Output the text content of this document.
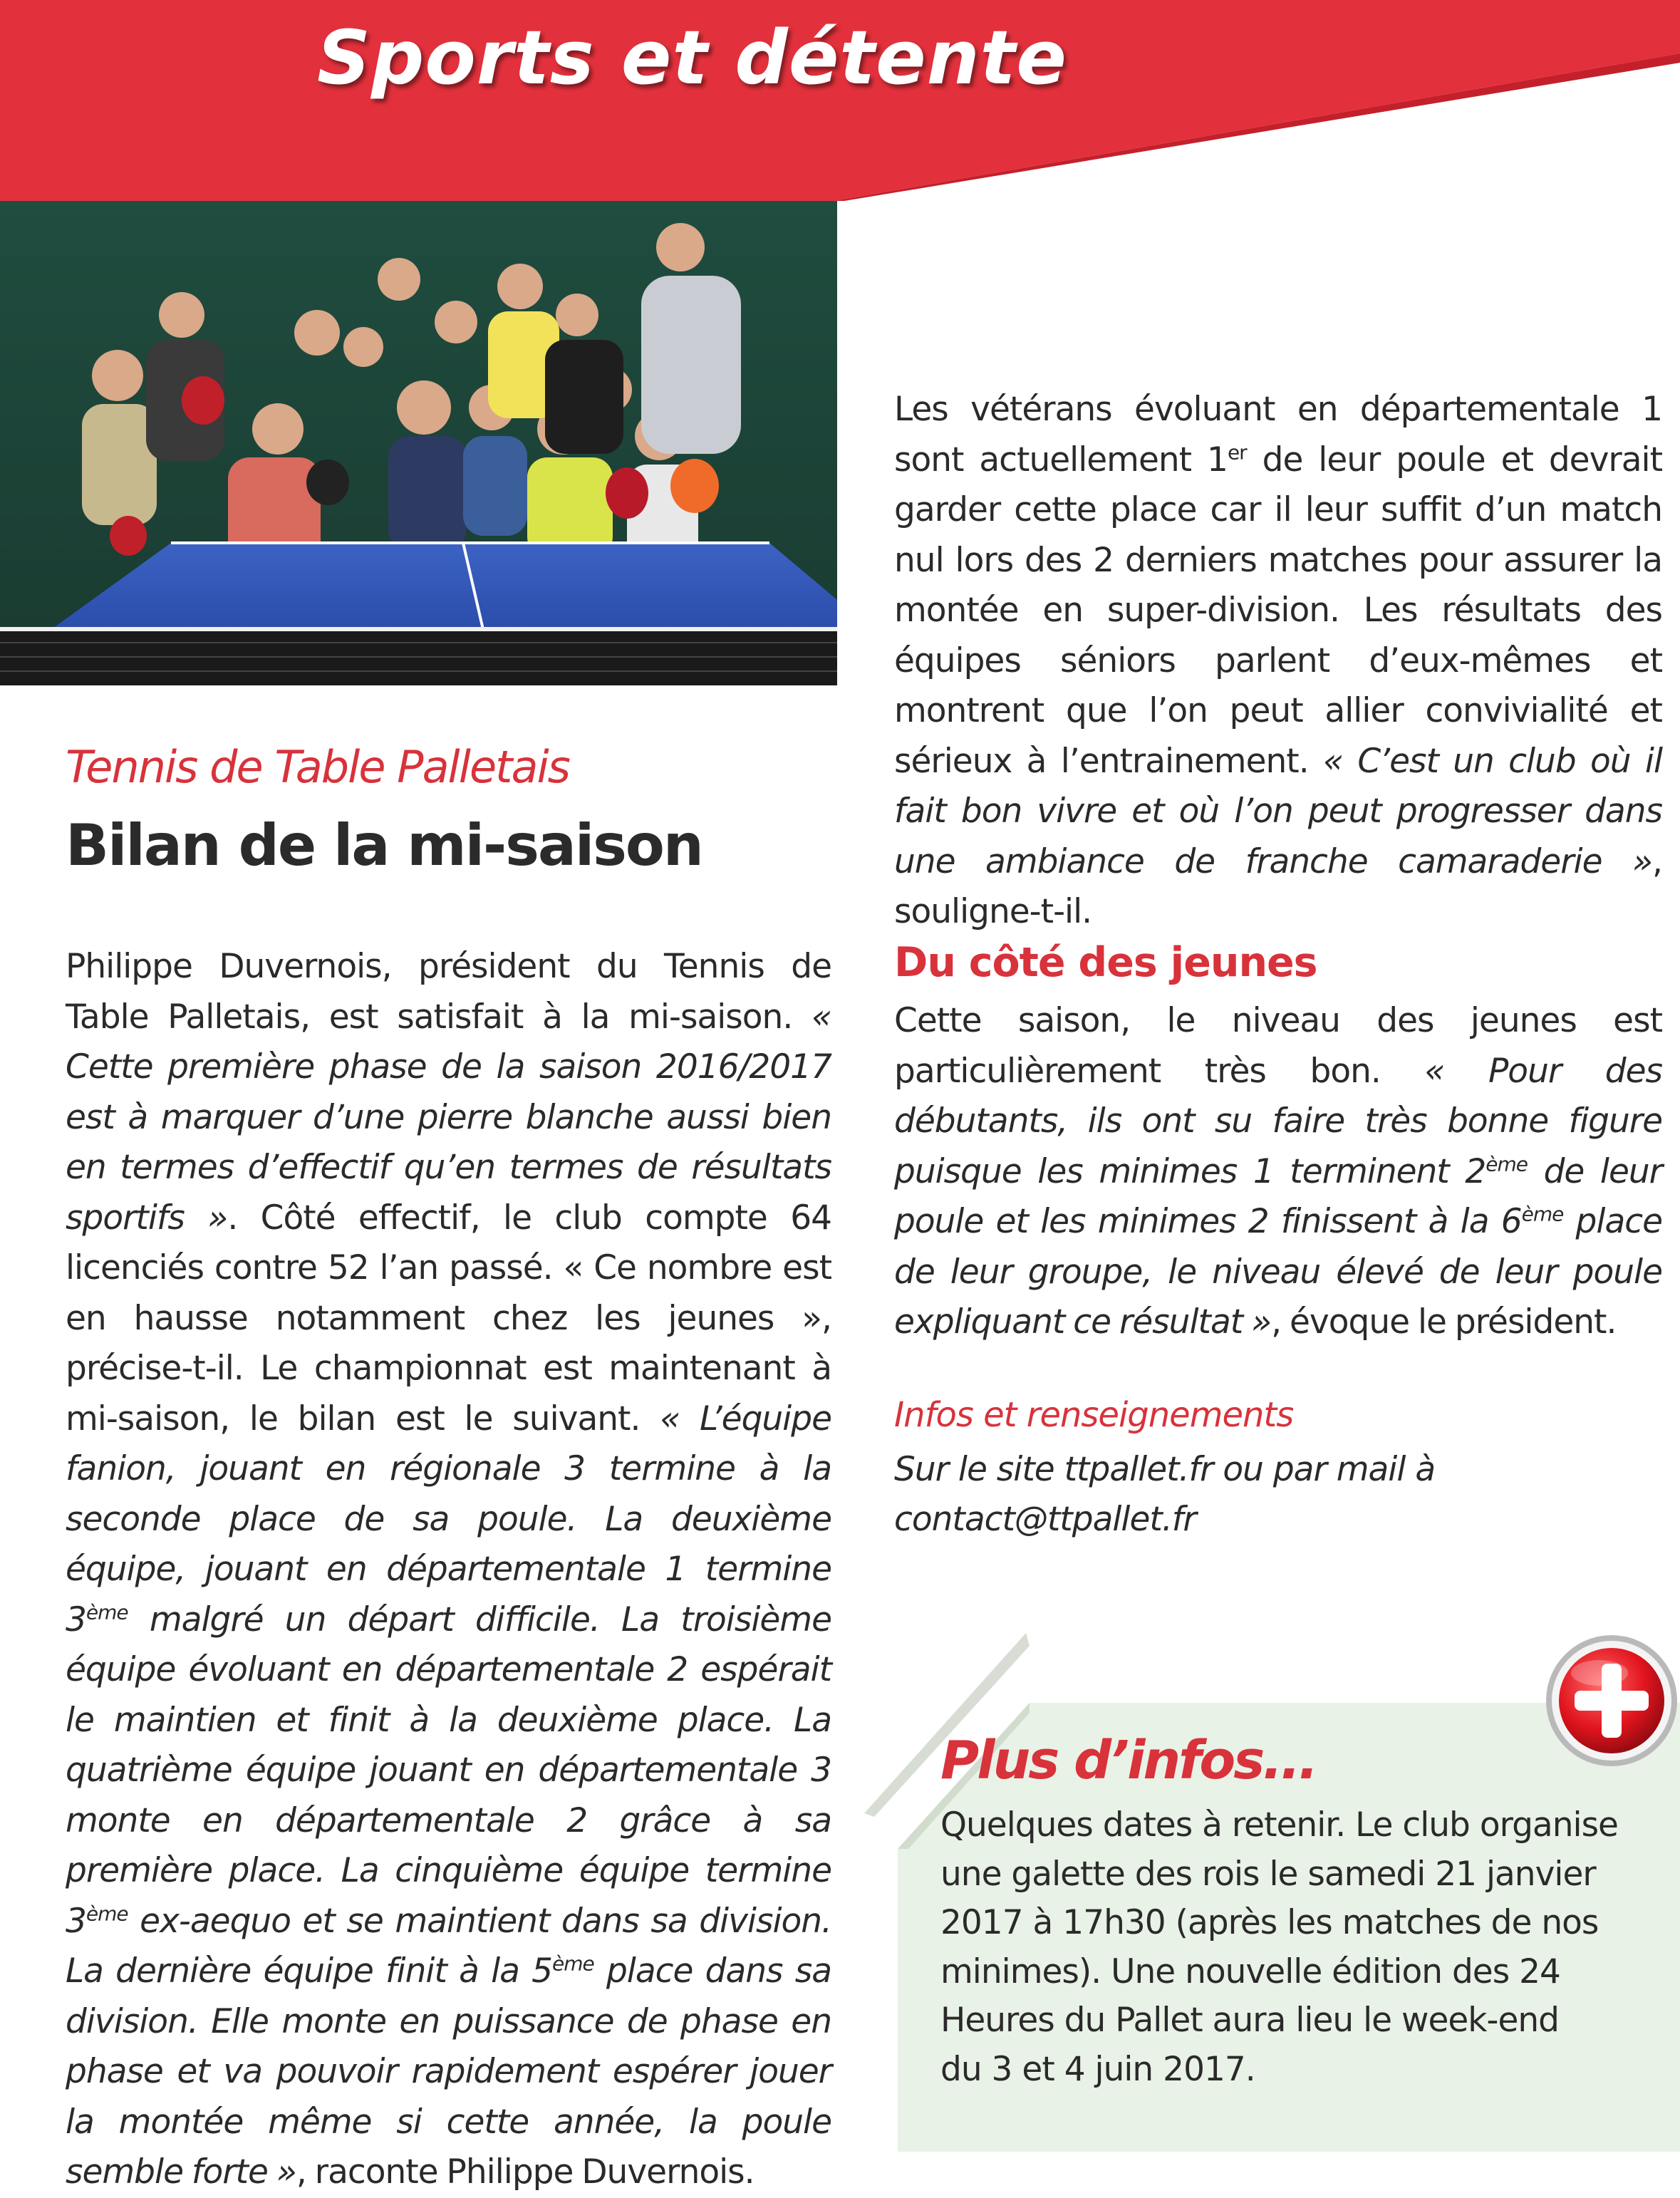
Sports et détente
Tennis de Table Palletais
Bilan de la mi-saison

Philippe Duvernois, président du Tennis de Table Palletais, est satisfait à la mi-saison. « Cette première phase de la saison 2016/2017 est à marquer d’une pierre blanche aussi bien en termes d’effectif qu’en termes de résultats sportifs ». Côté effectif, le club compte 64 licenciés contre 52 l’an passé. « Ce nombre est en hausse notamment chez les jeunes », précise-t-il. Le championnat est maintenant à mi-saison, le bilan est le suivant. « L’équipe fanion, jouant en régionale 3 termine à la seconde place de sa poule. La deuxième équipe, jouant en départementale 1 termine 3ème malgré un départ difficile. La troisième équipe évoluant en départementale 2 espérait le maintien et finit à la deuxième place. La quatrième équipe jouant en départementale 3 monte en départementale 2 grâce à sa première place. La cinquième équipe termine 3ème ex-aequo et se maintient dans sa division. La dernière équipe finit à la 5ème place dans sa division. Elle monte en puissance de phase en phase et va pouvoir rapidement espérer jouer la montée même si cette année, la poule semble forte », raconte Philippe Duvernois.

Les vétérans évoluant en départementale 1 sont actuellement 1er de leur poule et devrait garder cette place car il leur suffit d’un match nul lors des 2 derniers matches pour assurer la montée en super-division. Les résultats des équipes séniors parlent d’eux-mêmes et montrent que l’on peut allier convivialité et sérieux à l’entrainement. « C’est un club où il fait bon vivre et où l’on peut progresser dans une ambiance de franche camaraderie », souligne-t-il.

Du côté des jeunes

Cette saison, le niveau des jeunes est particulièrement très bon. « Pour des débutants, ils ont su faire très bonne figure puisque les minimes 1 terminent 2ème de leur poule et les minimes 2 finissent à la 6ème place de leur groupe, le niveau élevé de leur poule expliquant ce résultat », évoque le président.

Infos et renseignements
Sur le site ttpallet.fr ou par mail à
contact@ttpallet.fr
Plus d’infos...
Quelques dates à retenir. Le club organise
une galette des rois le samedi 21 janvier
2017 à 17h30 (après les matches de nos
minimes). Une nouvelle édition des 24
Heures du Pallet aura lieu le week-end
du 3 et 4 juin 2017.
